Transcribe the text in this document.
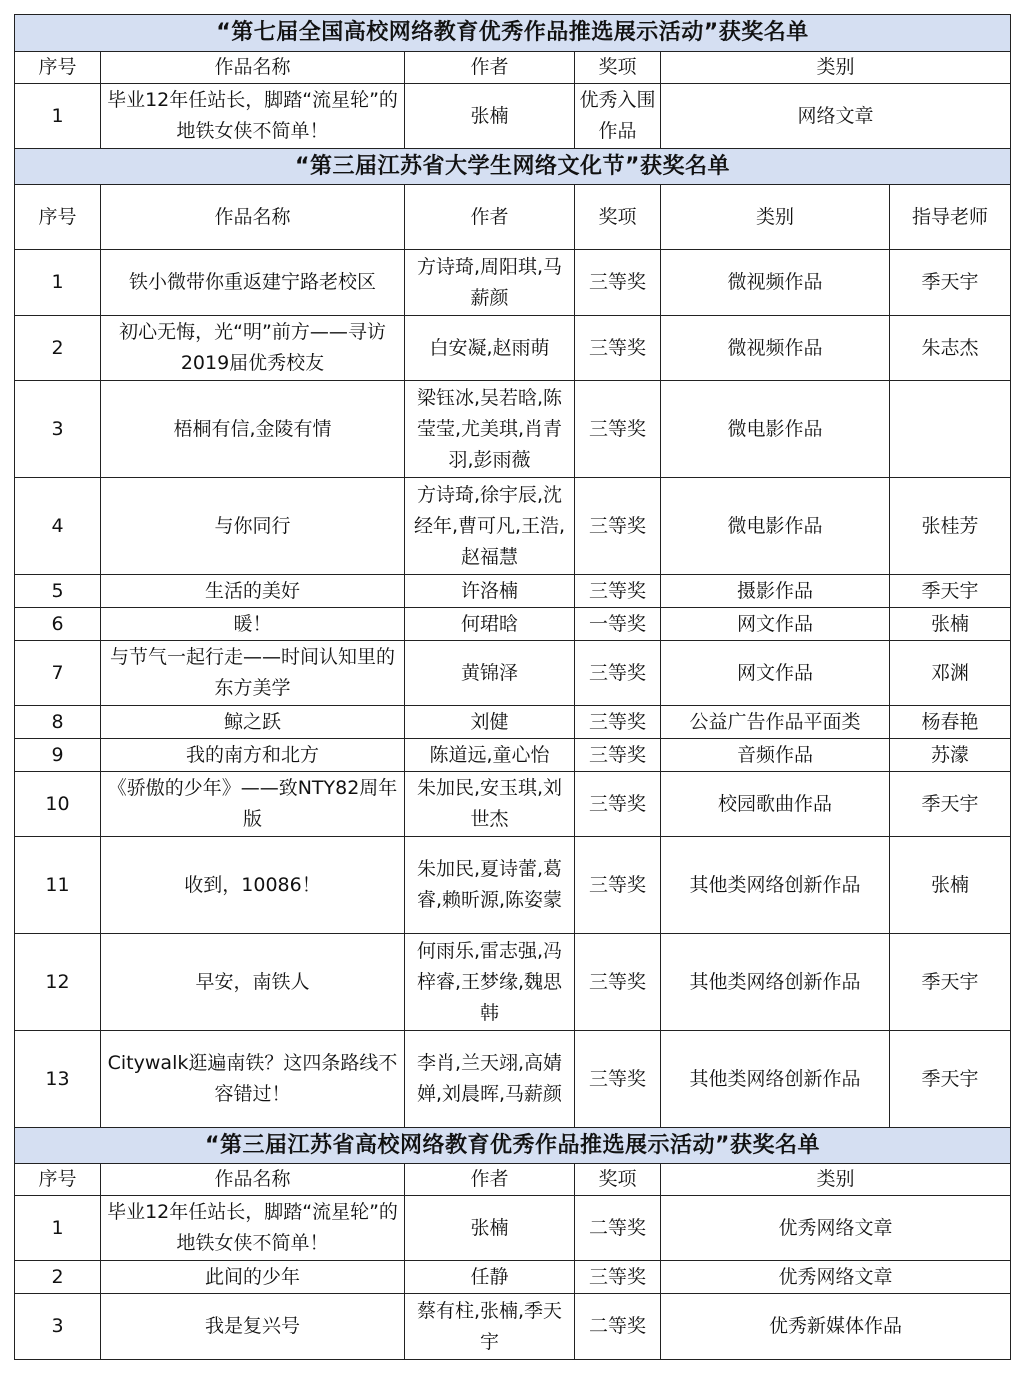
“第七届全国高校网络教育优秀作品推选展示活动”获奖名单					
序号	作品名称	作者	奖项	类别	
1	毕业12年任站长，脚踏“流星轮”的地铁女侠不简单！	张楠	优秀入围作品	网络文章	
“第三届江苏省大学生网络文化节”获奖名单					
序号	作品名称	作者	奖项	类别	指导老师
1	铁小微带你重返建宁路老校区	方诗琦,周阳琪,马薪颜	三等奖	微视频作品	季天宇
2	初心无悔，光“明”前方——寻访2019届优秀校友	白安凝,赵雨萌	三等奖	微视频作品	朱志杰
3	梧桐有信,金陵有情	梁钰冰,吴若晗,陈莹莹,尤美琪,肖青羽,彭雨薇	三等奖	微电影作品	
4	与你同行	方诗琦,徐宇辰,沈经年,曹可凡,王浩,赵福慧	三等奖	微电影作品	张桂芳
5	生活的美好	许洛楠	三等奖	摄影作品	季天宇
6	暖！	何珺晗	一等奖	网文作品	张楠
7	与节气一起行走——时间认知里的东方美学	黄锦泽	三等奖	网文作品	邓渊
8	鲸之跃	刘健	三等奖	公益广告作品平面类	杨春艳
9	我的南方和北方	陈道远,童心怡	三等奖	音频作品	苏濛
10	《骄傲的少年》——致NTY82周年版	朱加民,安玉琪,刘世杰	三等奖	校园歌曲作品	季天宇
11	收到，10086！	朱加民,夏诗蕾,葛睿,赖昕源,陈姿蒙	三等奖	其他类网络创新作品	张楠
12	早安，南铁人	何雨乐,雷志强,冯梓睿,王梦缘,魏思韩	三等奖	其他类网络创新作品	季天宇
13	Citywalk逛遍南铁？这四条路线不容错过！	李肖,兰天翊,高婧婵,刘晨晖,马薪颜	三等奖	其他类网络创新作品	季天宇
“第三届江苏省高校网络教育优秀作品推选展示活动”获奖名单					
序号	作品名称	作者	奖项	类别	
1	毕业12年任站长，脚踏“流星轮”的地铁女侠不简单！	张楠	二等奖	优秀网络文章	
2	此间的少年	任静	三等奖	优秀网络文章	
3	我是复兴号	蔡有柱,张楠,季天宇	二等奖	优秀新媒体作品	
